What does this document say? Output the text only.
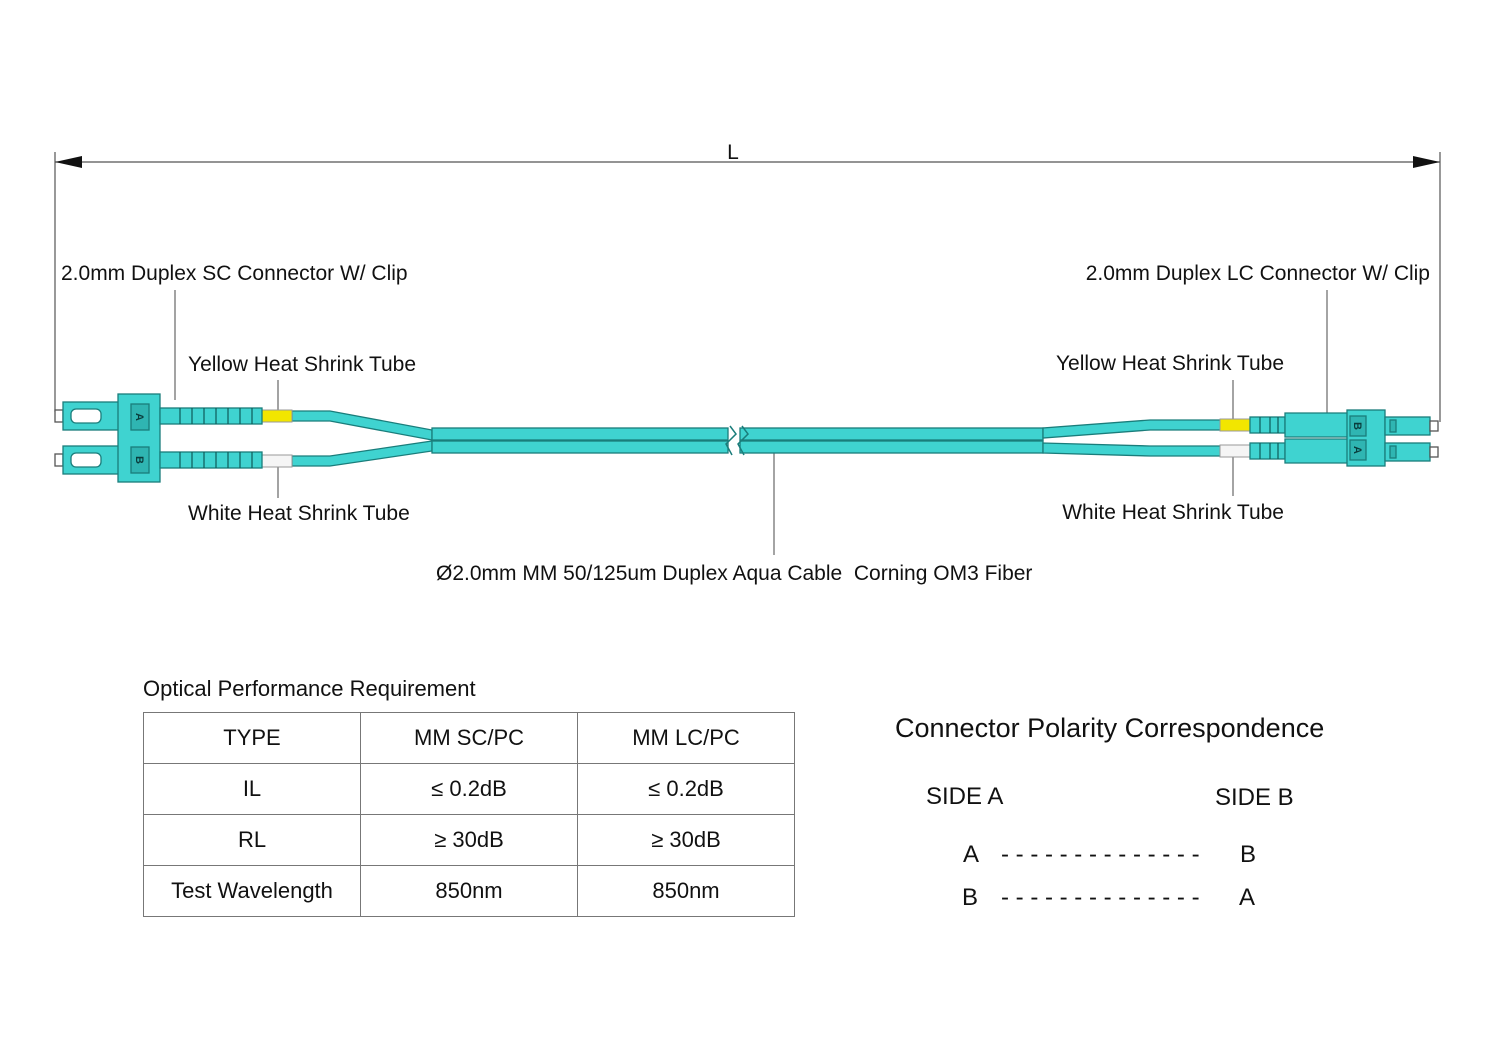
L
2.0mm Duplex SC Connector W/ Clip	2.0mm Duplex LC Connector W/ Clip
Yellow Heat Shrink Tube	Yellow Heat Shrink Tube
White Heat Shrink Tube	White Heat Shrink Tube
Ø2.0mm MM 50/125um Duplex Aqua Cable  Corning OM3 Fiber
A
B
B
A
Connector Polarity Correspondence
SIDE A	SIDE B
A - - - - - - - - - - - - - - B
B - - - - - - - - - - - - - - A
Optical Performance Requirement
TYPE	MM SC/PC	MM LC/PC
IL	≤ 0.2dB	≤ 0.2dB
RL	≥ 30dB	≥ 30dB
Test Wavelength	850nm	850nm
